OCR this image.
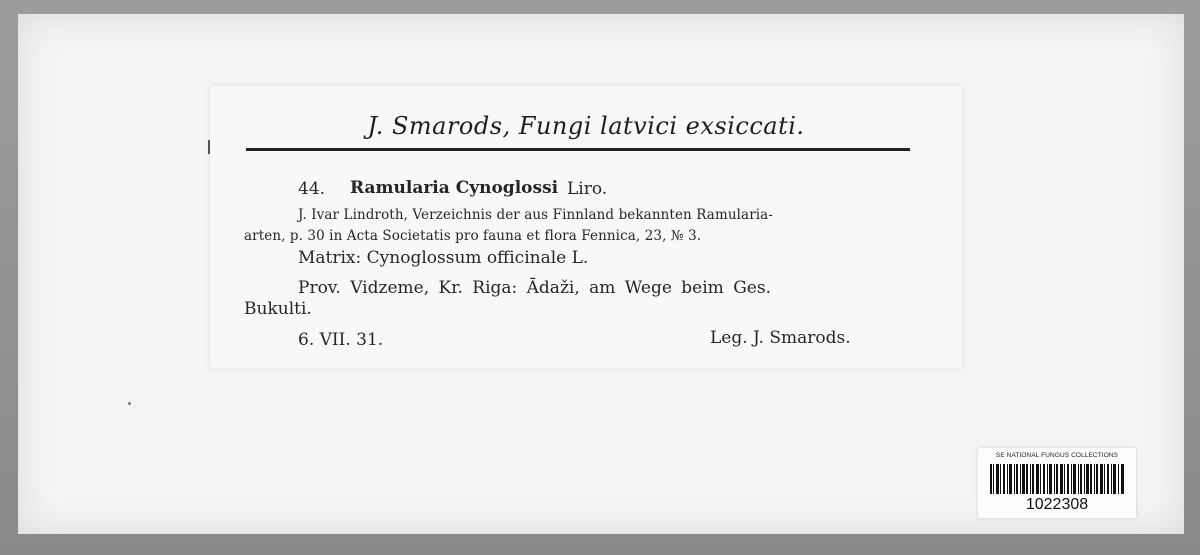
J. Smarods, Fungi latvici exsiccati.
44. Ramularia Cynoglossi Liro.
J. Ivar Lindroth, Verzeichnis der aus Finnland bekannten Ramularia-
arten, p. 30 in Acta Societatis pro fauna et flora Fennica, 23, № 3.
Matrix: Cynoglossum officinale L.
Prov. Vidzeme, Kr. Riga: Ādaži, am Wege beim Ges.
Bukulti.
6. VII. 31.	Leg. J. Smarods.
SE NATIONAL FUNGUS COLLECTIONS
1022308
